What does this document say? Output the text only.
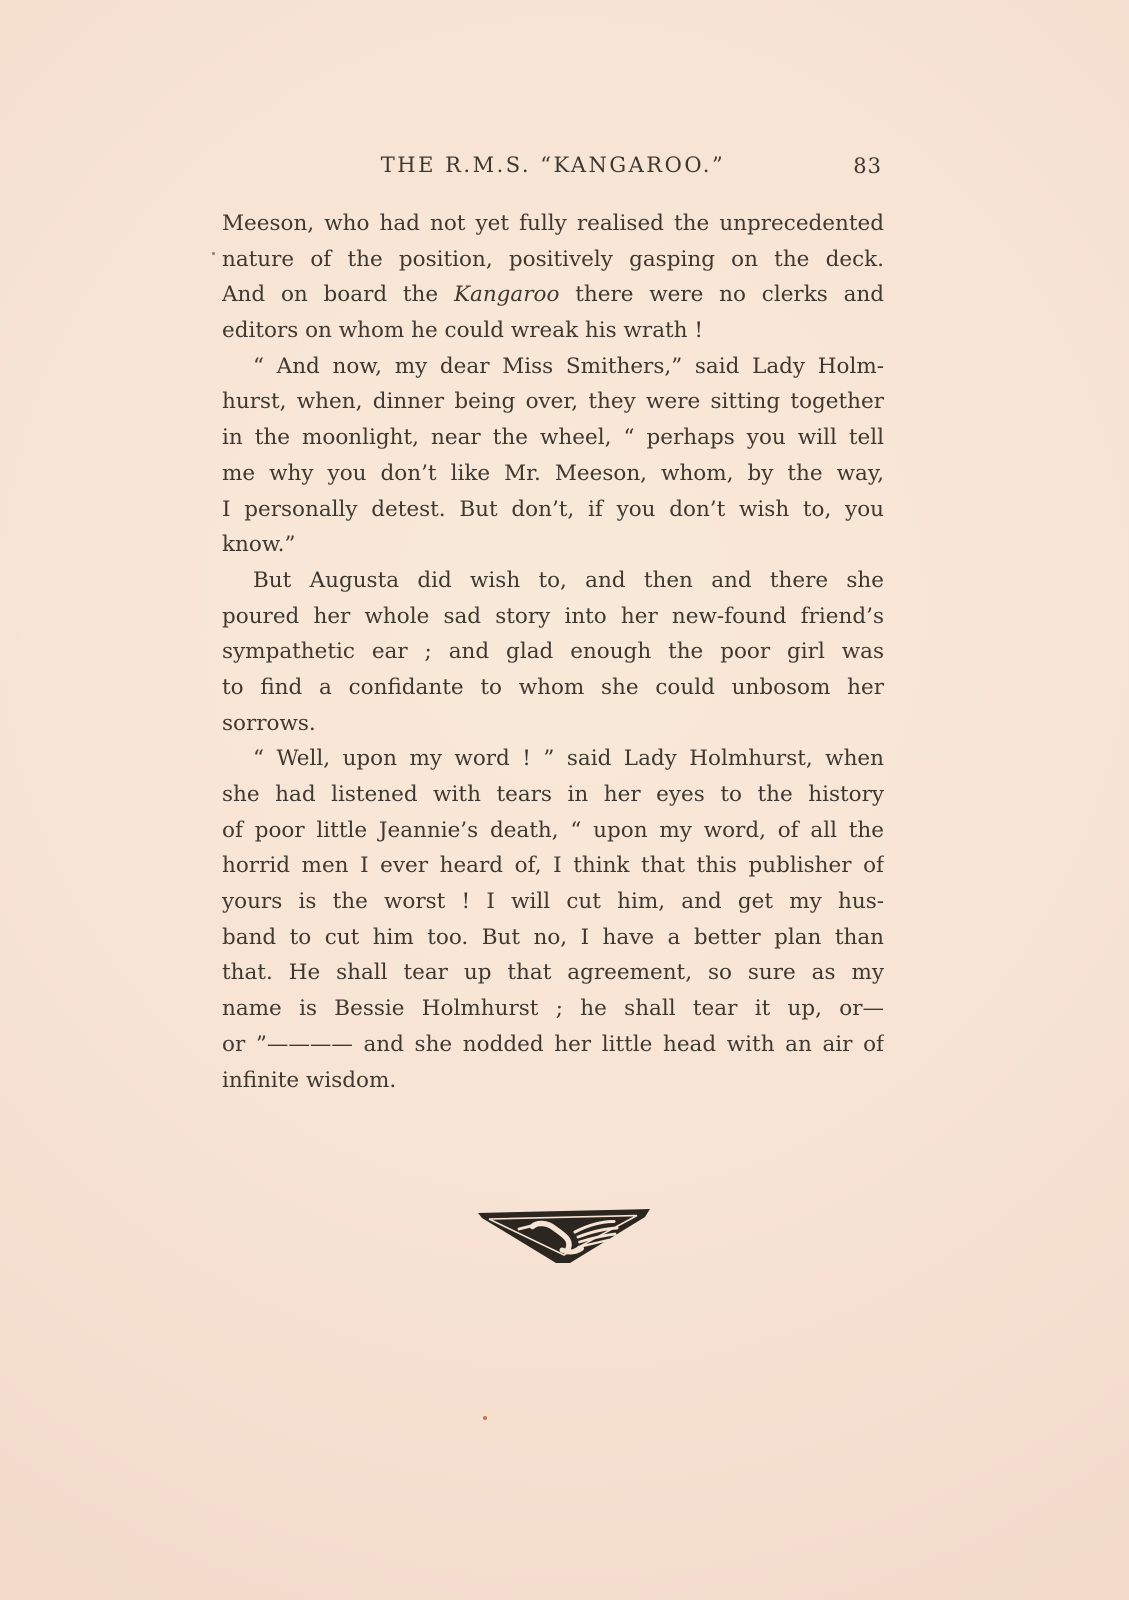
THE R.M.S. “KANGAROO.”	83
Meeson, who had not yet fully realised the unprecedented
nature of the position, positively gasping on the deck.
And on board the Kangaroo there were no clerks and
editors on whom he could wreak his wrath !
“ And now, my dear Miss Smithers,” said Lady Holm-
hurst, when, dinner being over, they were sitting together
in the moonlight, near the wheel, “ perhaps you will tell
me why you don’t like Mr. Meeson, whom, by the way,
I personally detest. But don’t, if you don’t wish to, you
know.”
But Augusta did wish to, and then and there she
poured her whole sad story into her new-found friend’s
sympathetic ear ; and glad enough the poor girl was
to find a confidante to whom she could unbosom her
sorrows.
“ Well, upon my word ! ” said Lady Holmhurst, when
she had listened with tears in her eyes to the history
of poor little Jeannie’s death, “ upon my word, of all the
horrid men I ever heard of, I think that this publisher of
yours is the worst ! I will cut him, and get my hus-
band to cut him too. But no, I have a better plan than
that. He shall tear up that agreement, so sure as my
name is Bessie Holmhurst ; he shall tear it up, or—
or ”———— and she nodded her little head with an air of
infinite wisdom.
